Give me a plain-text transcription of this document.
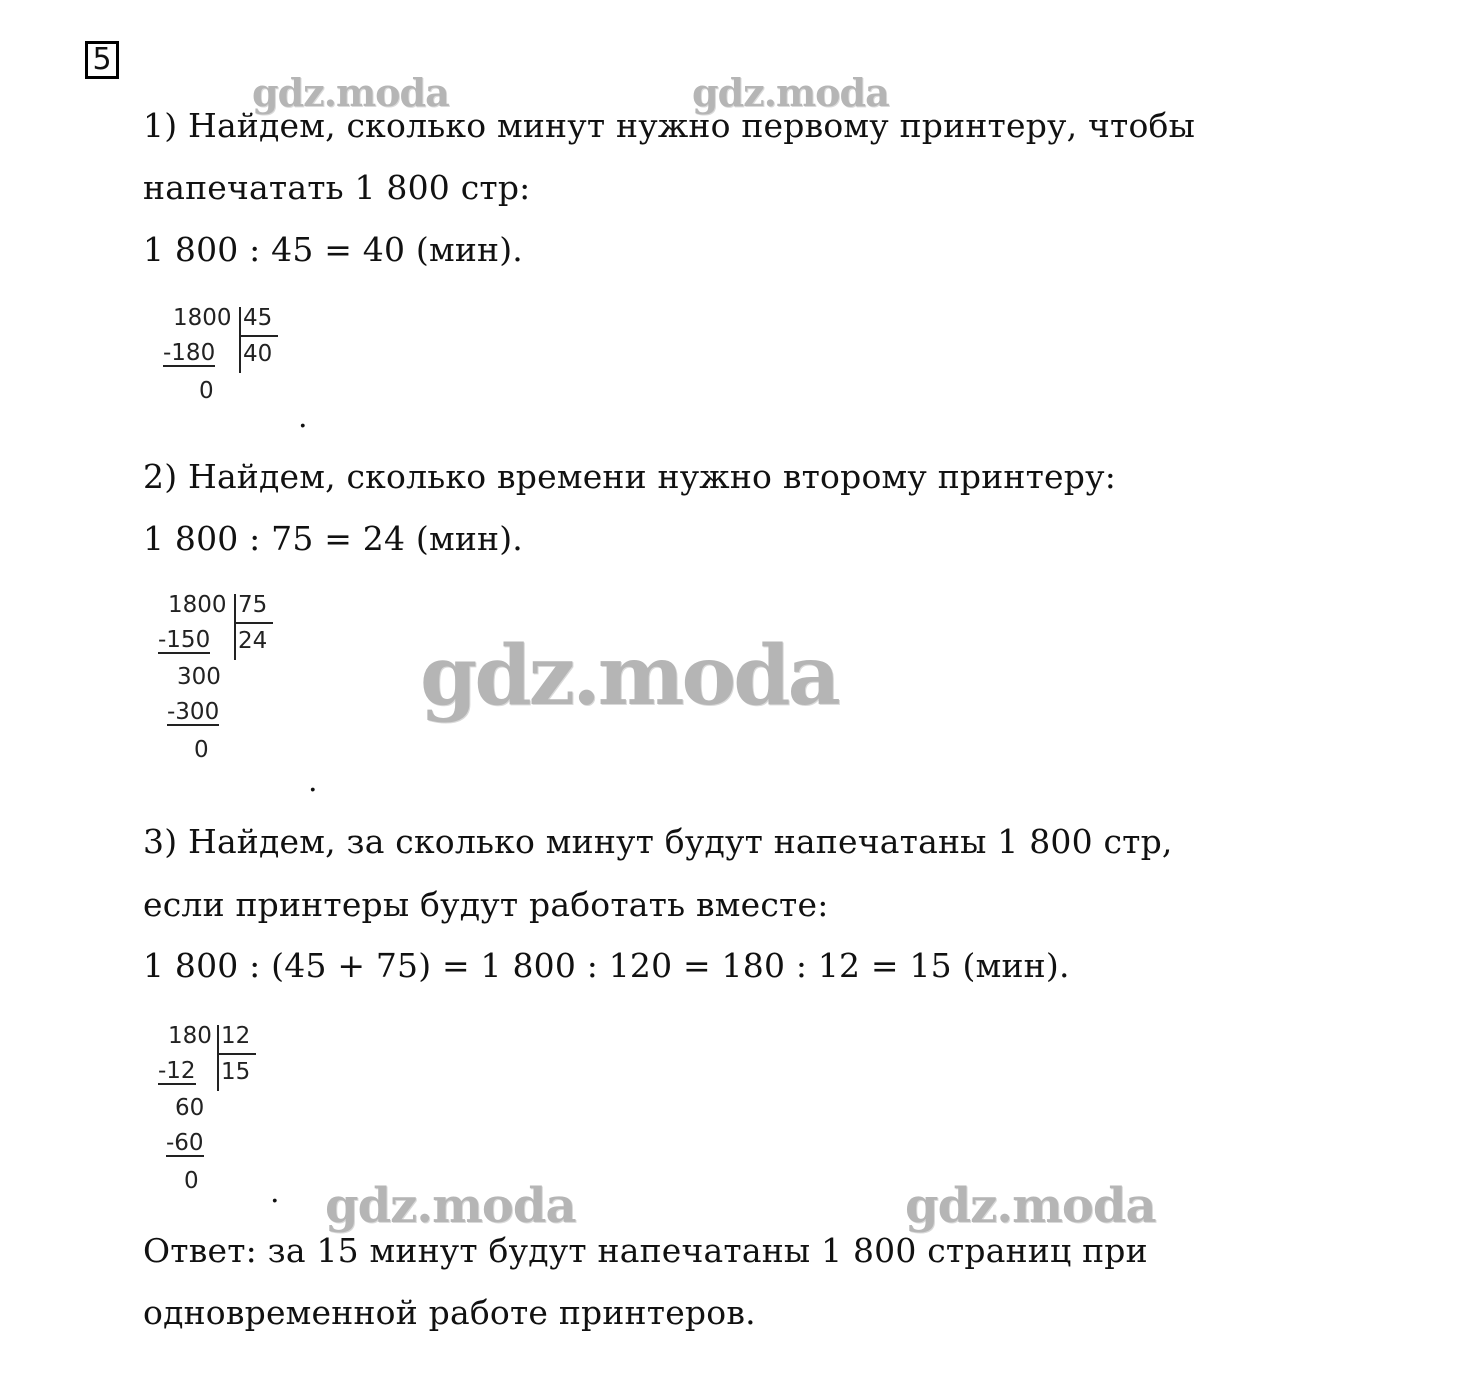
5
gdz.moda	gdz.moda
gdz.moda
gdz.moda	gdz.moda
1) Найдем, сколько минут нужно первому принтеру, чтобы
напечатать 1 800 стр:
1 800 : 45 = 40 (мин).
1800 45
-180 40
0
.
2) Найдем, сколько времени нужно второму принтеру:
1 800 : 75 = 24 (мин).
1800 75
-150 24
300
-300
0
.
3) Найдем, за сколько минут будут напечатаны 1 800 стр,
если принтеры будут работать вместе:
1 800 : (45 + 75) = 1 800 : 120 = 180 : 12 = 15 (мин).
180 12
-12 15
60
-60
0 .
Ответ: за 15 минут будут напечатаны 1 800 страниц при
одновременной работе принтеров.
